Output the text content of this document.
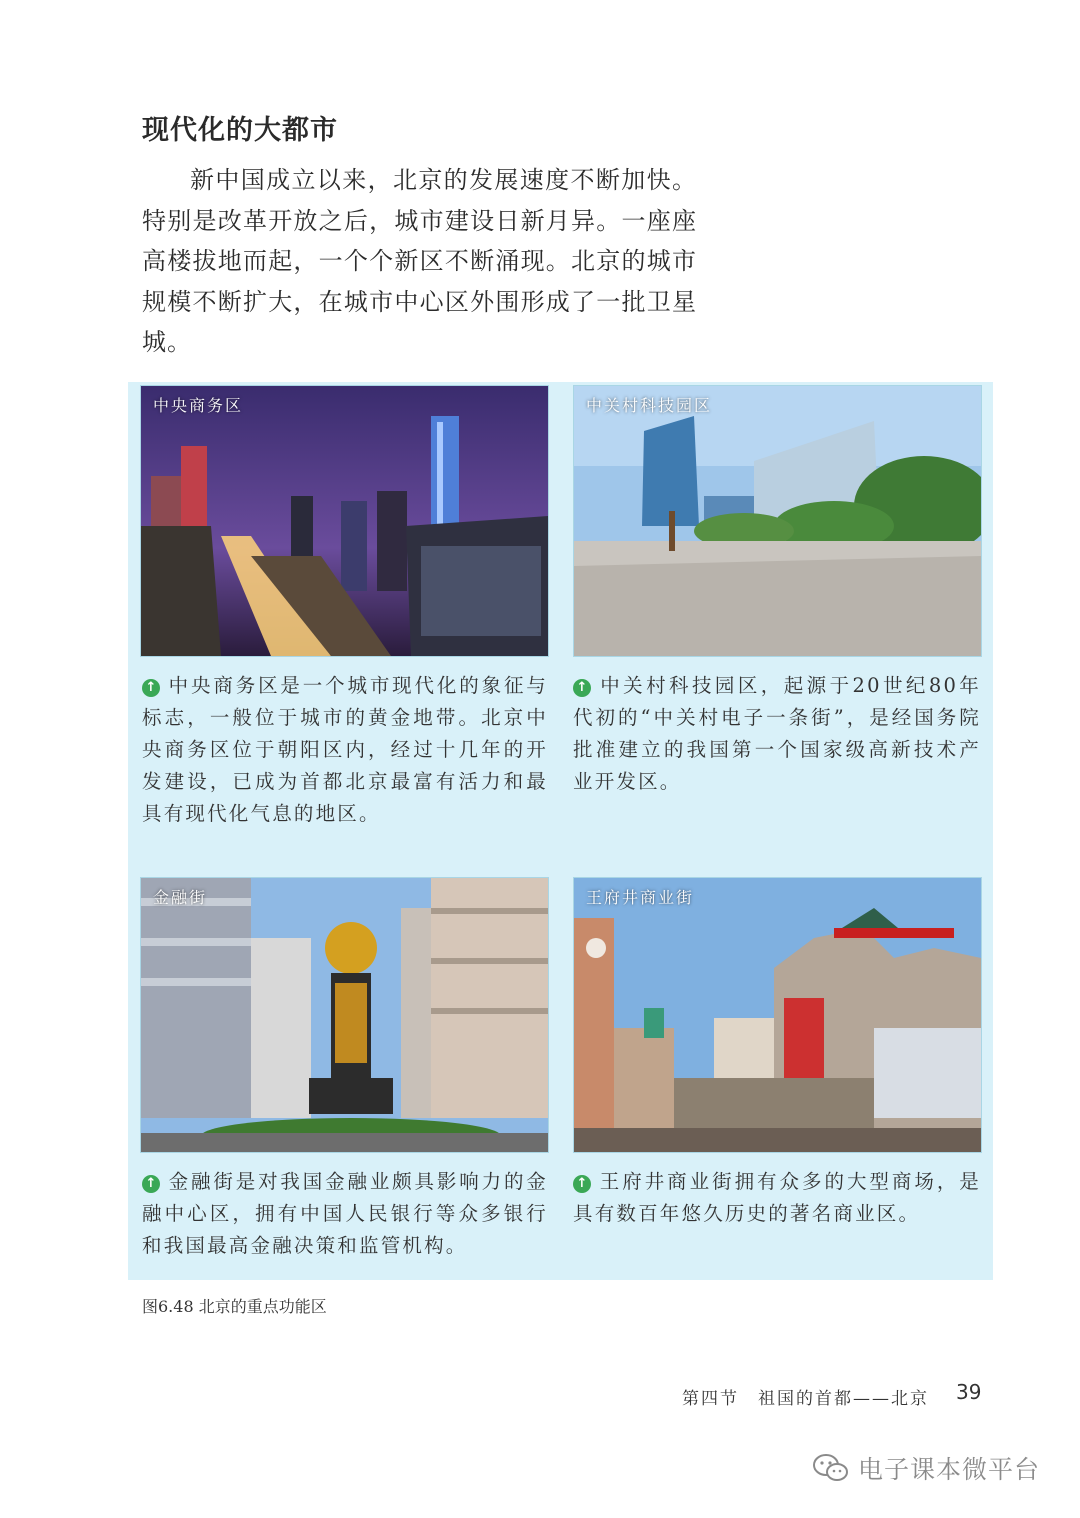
现代化的大都市

新中国成立以来，北京的发展速度不断加快。特别是改革开放之后，城市建设日新月异。一座座高楼拔地而起，一个个新区不断涌现。北京的城市规模不断扩大，在城市中心区外围形成了一批卫星城。

中央商务区	中关村科技园区

↑ 中央商务区是一个城市现代化的象征与标志，一般位于城市的黄金地带。北京中央商务区位于朝阳区内，经过十几年的开发建设，已成为首都北京最富有活力和最具有现代化气息的地区。

↑ 中关村科技园区，起源于20世纪80年代初的“中关村电子一条街”，是经国务院批准建立的我国第一个国家级高新技术产业开发区。

金融街	王府井商业街

↑ 金融街是对我国金融业颇具影响力的金融中心区，拥有中国人民银行等众多银行和我国最高金融决策和监管机构。

↑ 王府井商业街拥有众多的大型商场，是具有数百年悠久历史的著名商业区。

图6.48 北京的重点功能区

第四节　祖国的首都——北京 39
电子课本微平台
